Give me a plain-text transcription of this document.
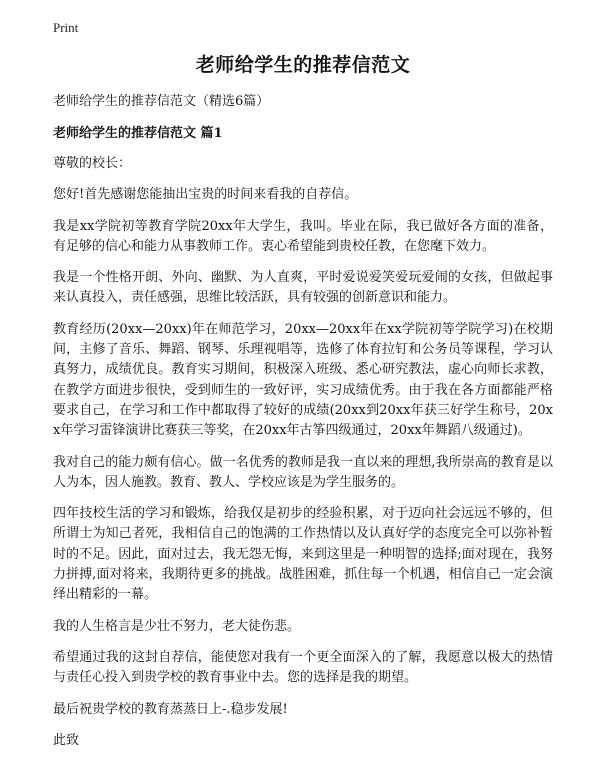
Print

老师给学生的推荐信范文

老师给学生的推荐信范文（精选6篇）

老师给学生的推荐信范文 篇1

尊敬的校长：

您好!首先感谢您能抽出宝贵的时间来看我的自荐信。

我是xx学院初等教育学院20xx年大学生，我叫。毕业在际，我已做好各方面的准备，有足够的信心和能力从事教师工作。衷心希望能到贵校任教，在您麾下效力。

我是一个性格开朗、外向、幽默、为人直爽，平时爱说爱笑爱玩爱闹的女孩，但做起事来认真投入，责任感强，思维比较活跃，具有较强的创新意识和能力。

教育经历(20xx—20xx)年在师范学习，20xx—20xx年在xx学院初等学院学习)在校期间，主修了音乐、舞蹈、钢琴、乐理视唱等，选修了体育拉钉和公务员等课程，学习认真努力，成绩优良。教育实习期间，积极深入班级、悉心研究教法，虚心向师长求教，在教学方面进步很快，受到师生的一致好评，实习成绩优秀。由于我在各方面都能严格要求自己，在学习和工作中都取得了较好的成绩(20xx到20xx年获三好学生称号，20xx年学习雷锋演讲比赛获三等奖，在20xx年古筝四级通过，20xx年舞蹈八级通过)。

我对自己的能力颇有信心。做一名优秀的教师是我一直以来的理想,我所崇高的教育是以人为本，因人施教。教育、教人、学校应该是为学生服务的。

四年技校生活的学习和锻炼，给我仅是初步的经验积累，对于迈向社会远远不够的，但所谓士为知己者死，我相信自己的饱满的工作热情以及认真好学的态度完全可以弥补暂时的不足。因此，面对过去，我无怨无悔，来到这里是一种明智的选择;面对现在，我努力拼搏,面对将来，我期待更多的挑战。战胜困难，抓住每一个机遇，相信自己一定会演绎出精彩的一幕。

我的人生格言是少壮不努力，老大徒伤悲。

希望通过我的这封自荐信，能使您对我有一个更全面深入的了解，我愿意以极大的热情与责任心投入到贵学校的教育事业中去。您的选择是我的期望。

最后祝贵学校的教育蒸蒸日上-.稳步发展!

此致
